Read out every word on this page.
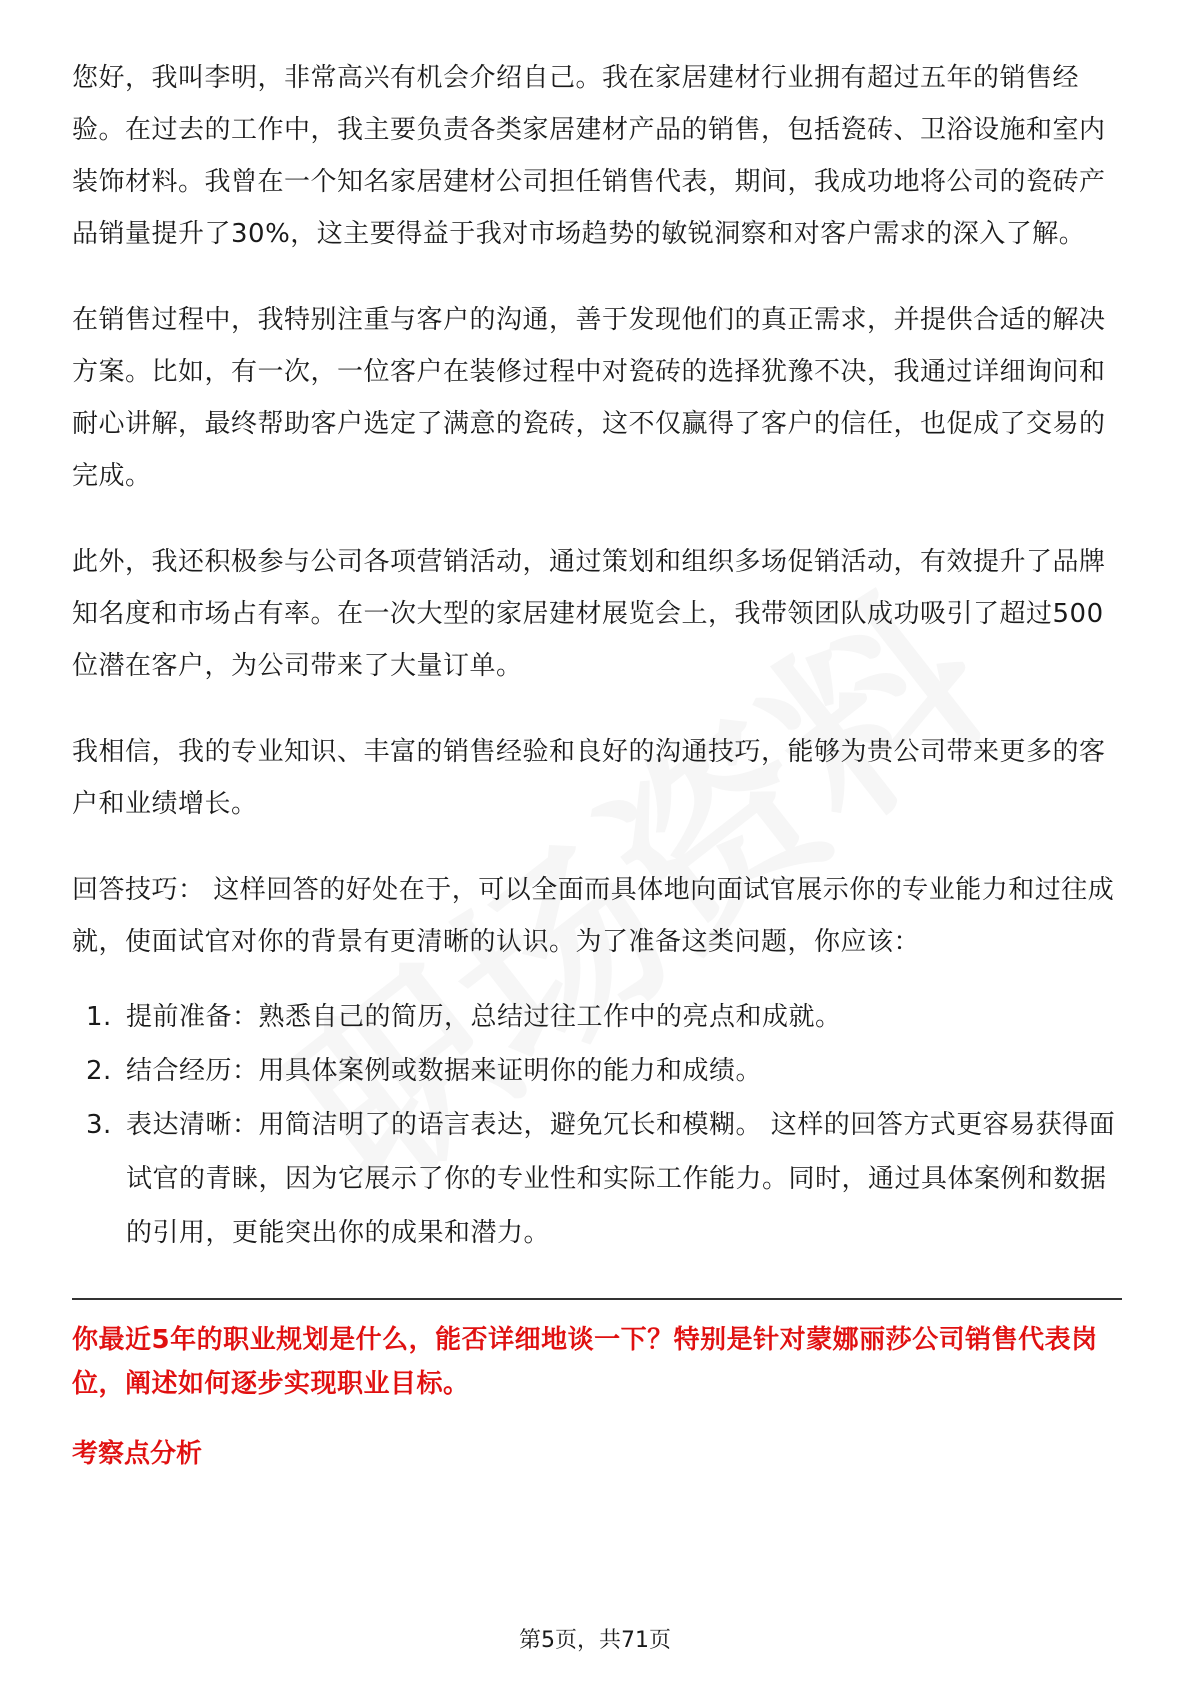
您好，我叫李明，非常高兴有机会介绍自己。我在家居建材行业拥有超过五年的销售经验。在过去的工作中，我主要负责各类家居建材产品的销售，包括瓷砖、卫浴设施和室内装饰材料。我曾在一个知名家居建材公司担任销售代表，期间，我成功地将公司的瓷砖产品销量提升了30%，这主要得益于我对市场趋势的敏锐洞察和对客户需求的深入了解。

在销售过程中，我特别注重与客户的沟通，善于发现他们的真正需求，并提供合适的解决方案。比如，有一次，一位客户在装修过程中对瓷砖的选择犹豫不决，我通过详细询问和耐心讲解，最终帮助客户选定了满意的瓷砖，这不仅赢得了客户的信任，也促成了交易的完成。

此外，我还积极参与公司各项营销活动，通过策划和组织多场促销活动，有效提升了品牌知名度和市场占有率。在一次大型的家居建材展览会上，我带领团队成功吸引了超过500位潜在客户，为公司带来了大量订单。

我相信，我的专业知识、丰富的销售经验和良好的沟通技巧，能够为贵公司带来更多的客户和业绩增长。

回答技巧： 这样回答的好处在于，可以全面而具体地向面试官展示你的专业能力和过往成就，使面试官对你的背景有更清晰的认识。为了准备这类问题，你应该：

1. 提前准备：熟悉自己的简历，总结过往工作中的亮点和成就。
2. 结合经历：用具体案例或数据来证明你的能力和成绩。
3. 表达清晰：用简洁明了的语言表达，避免冗长和模糊。 这样的回答方式更容易获得面试官的青睐，因为它展示了你的专业性和实际工作能力。同时，通过具体案例和数据的引用，更能突出你的成果和潜力。
你最近5年的职业规划是什么，能否详细地谈一下？特别是针对蒙娜丽莎公司销售代表岗位，阐述如何逐步实现职业目标。
考察点分析
第5页，共71页
